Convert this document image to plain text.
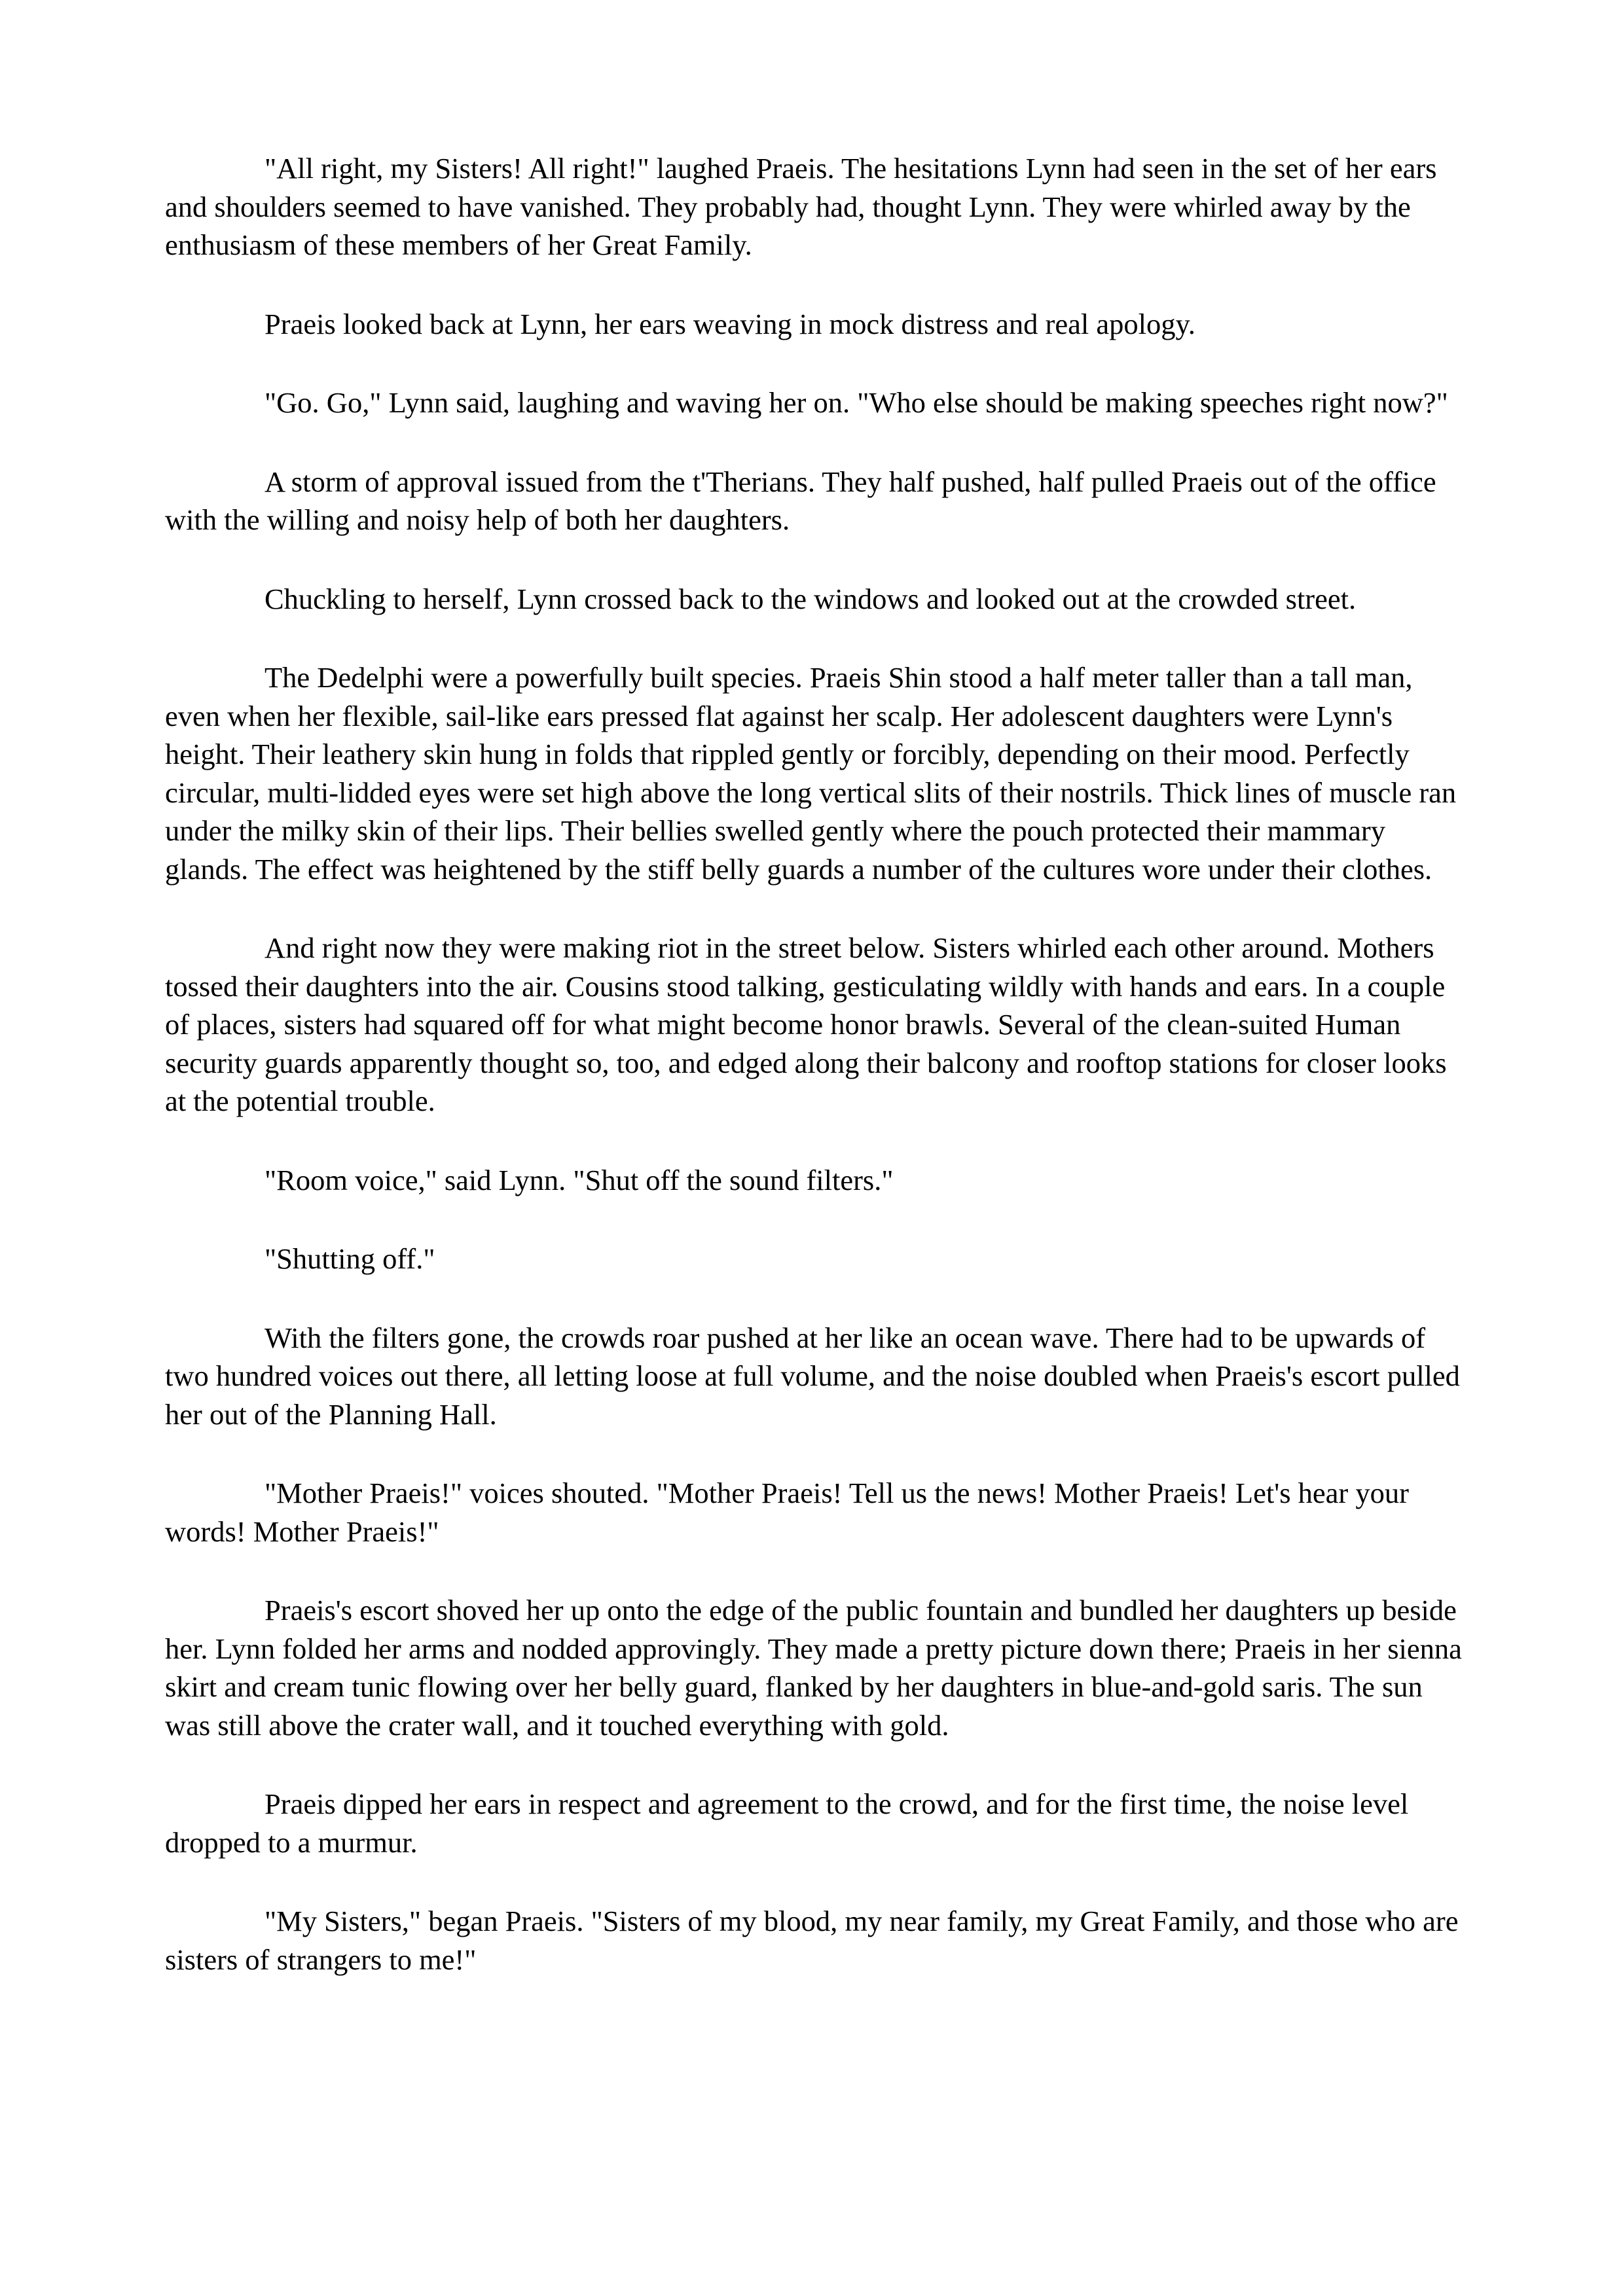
"All right, my Sisters! All right!" laughed Praeis. The hesitations Lynn had seen in the set of her ears and shoulders seemed to have vanished. They probably had, thought Lynn. They were whirled away by the enthusiasm of these members of her Great Family.

Praeis looked back at Lynn, her ears weaving in mock distress and real apology.

"Go. Go," Lynn said, laughing and waving her on. "Who else should be making speeches right now?"

A storm of approval issued from the t'Therians. They half pushed, half pulled Praeis out of the office with the willing and noisy help of both her daughters.

Chuckling to herself, Lynn crossed back to the windows and looked out at the crowded street.

The Dedelphi were a powerfully built species. Praeis Shin stood a half meter taller than a tall man, even when her flexible, sail-like ears pressed flat against her scalp. Her adolescent daughters were Lynn's height. Their leathery skin hung in folds that rippled gently or forcibly, depending on their mood. Perfectly circular, multi-lidded eyes were set high above the long vertical slits of their nostrils. Thick lines of muscle ran under the milky skin of their lips. Their bellies swelled gently where the pouch protected their mammary glands. The effect was heightened by the stiff belly guards a number of the cultures wore under their clothes.

And right now they were making riot in the street below. Sisters whirled each other around. Mothers tossed their daughters into the air. Cousins stood talking, gesticulating wildly with hands and ears. In a couple of places, sisters had squared off for what might become honor brawls. Several of the clean-suited Human security guards apparently thought so, too, and edged along their balcony and rooftop stations for closer looks at the potential trouble.

"Room voice," said Lynn. "Shut off the sound filters."

"Shutting off."

With the filters gone, the crowds roar pushed at her like an ocean wave. There had to be upwards of two hundred voices out there, all letting loose at full volume, and the noise doubled when Praeis's escort pulled her out of the Planning Hall.

"Mother Praeis!" voices shouted. "Mother Praeis! Tell us the news! Mother Praeis! Let's hear your words! Mother Praeis!"

Praeis's escort shoved her up onto the edge of the public fountain and bundled her daughters up beside her. Lynn folded her arms and nodded approvingly. They made a pretty picture down there; Praeis in her sienna skirt and cream tunic flowing over her belly guard, flanked by her daughters in blue-and-gold saris. The sun was still above the crater wall, and it touched everything with gold.

Praeis dipped her ears in respect and agreement to the crowd, and for the first time, the noise level dropped to a murmur.

"My Sisters," began Praeis. "Sisters of my blood, my near family, my Great Family, and those who are sisters of strangers to me!"
